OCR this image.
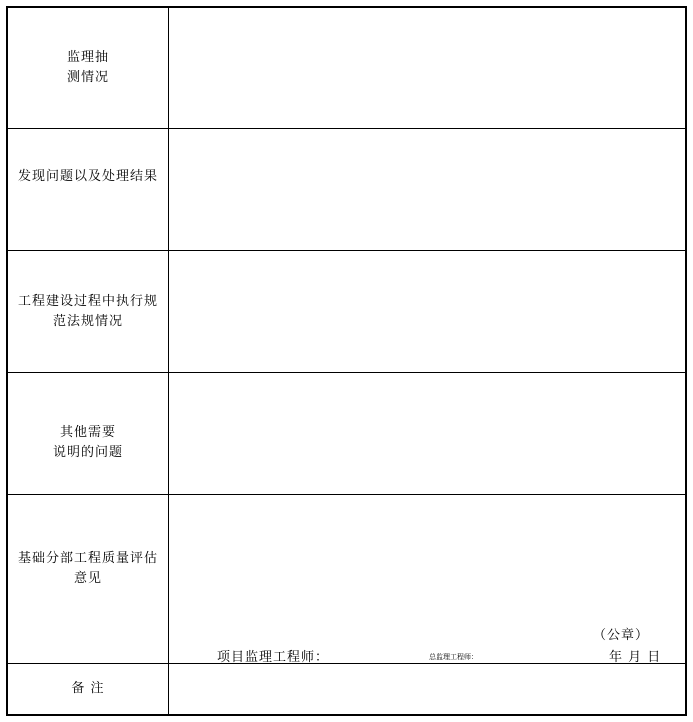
监理抽
测情况
发现问题以及处理结果
工程建设过程中执行规
范法规情况
其他需要
说明的问题
基础分部工程质量评估
意见
（公章）
项目监理工程师：	总监理工程师：	年 月 日
备 注
